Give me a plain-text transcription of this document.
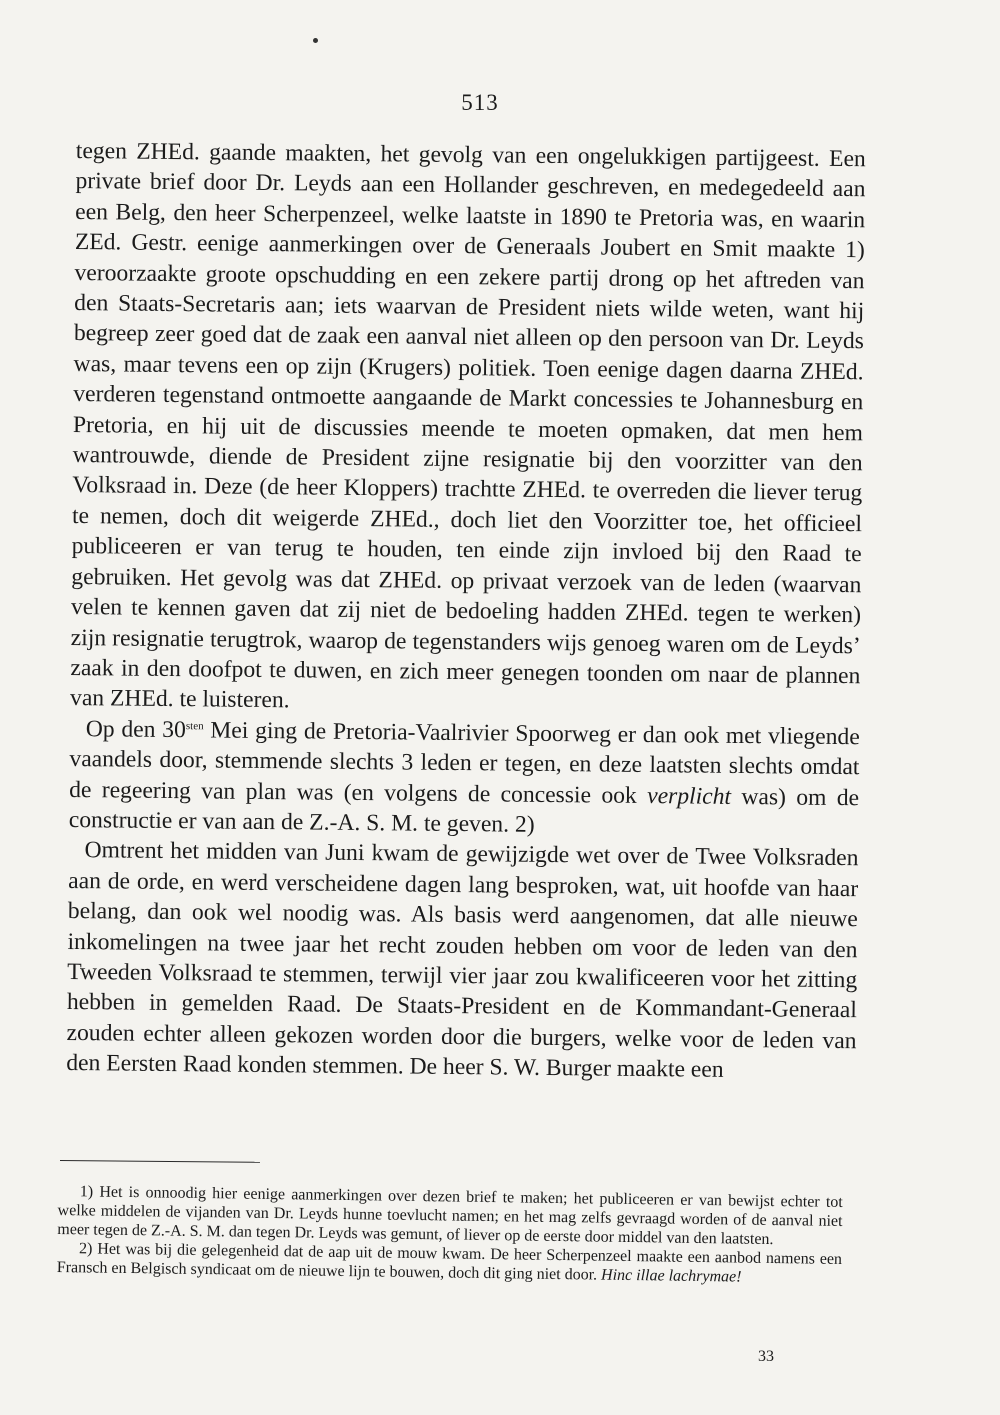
513

tegen ZHEd. gaande maakten, het gevolg van een ongelukkigen partijgeest. Een private brief door Dr. Leyds aan een Hollander geschreven, en medegedeeld aan een Belg, den heer Scherpenzeel, welke laatste in 1890 te Pretoria was, en waarin ZEd. Gestr. eenige aanmerkingen over de Generaals Joubert en Smit maakte 1) veroorzaakte groote opschudding en een zekere partij drong op het aftreden van den Staats-Secretaris aan; iets waarvan de President niets wilde weten, want hij begreep zeer goed dat de zaak een aanval niet alleen op den persoon van Dr. Leyds was, maar tevens een op zijn (Krugers) politiek. Toen eenige dagen daarna ZHEd. verderen tegenstand ontmoette aangaande de Markt concessies te Johannesburg en Pretoria, en hij uit de discussies meende te moeten opmaken, dat men hem wantrouwde, diende de President zijne resignatie bij den voorzitter van den Volksraad in. Deze (de heer Kloppers) trachtte ZHEd. te overreden die liever terug te nemen, doch dit weigerde ZHEd., doch liet den Voorzitter toe, het officieel publiceeren er van terug te houden, ten einde zijn invloed bij den Raad te gebruiken. Het gevolg was dat ZHEd. op privaat verzoek van de leden (waarvan velen te kennen gaven dat zij niet de bedoeling hadden ZHEd. tegen te werken) zijn resignatie terugtrok, waarop de tegenstanders wijs genoeg waren om de Leyds’ zaak in den doofpot te duwen, en zich meer genegen toonden om naar de plannen van ZHEd. te luisteren.

Op den $30^{sten}$ Mei ging de Pretoria-Vaalrivier Spoorweg er dan ook met vliegende vaandels door, stemmende slechts 3 leden er tegen, en deze laatsten slechts omdat de regeering van plan was (en volgens de concessie ook verplicht was) om de constructie er van aan de Z.-A. S. M. te geven. 2)

Omtrent het midden van Juni kwam de gewijzigde wet over de Twee Volksraden aan de orde, en werd verscheidene dagen lang besproken, wat, uit hoofde van haar belang, dan ook wel noodig was. Als basis werd aangenomen, dat alle nieuwe inkomelingen na twee jaar het recht zouden hebben om voor de leden van den Tweeden Volksraad te stemmen, terwijl vier jaar zou kwalificeeren voor het zitting hebben in gemelden Raad. De Staats-President en de Kommandant-Generaal zouden echter alleen gekozen worden door die burgers, welke voor de leden van den Eersten Raad konden stemmen. De heer S. W. Burger maakte een

1) Het is onnoodig hier eenige aanmerkingen over dezen brief te maken; het publiceeren er van bewijst echter tot welke middelen de vijanden van Dr. Leyds hunne toevlucht namen; en het mag zelfs gevraagd worden of de aanval niet meer tegen de Z.-A. S. M. dan tegen Dr. Leyds was gemunt, of liever op de eerste door middel van den laatsten.

2) Het was bij die gelegenheid dat de aap uit de mouw kwam. De heer Scherpenzeel maakte een aanbod namens een Fransch en Belgisch syndicaat om de nieuwe lijn te bouwen, doch dit ging niet door. Hinc illae lachrymae!

33
